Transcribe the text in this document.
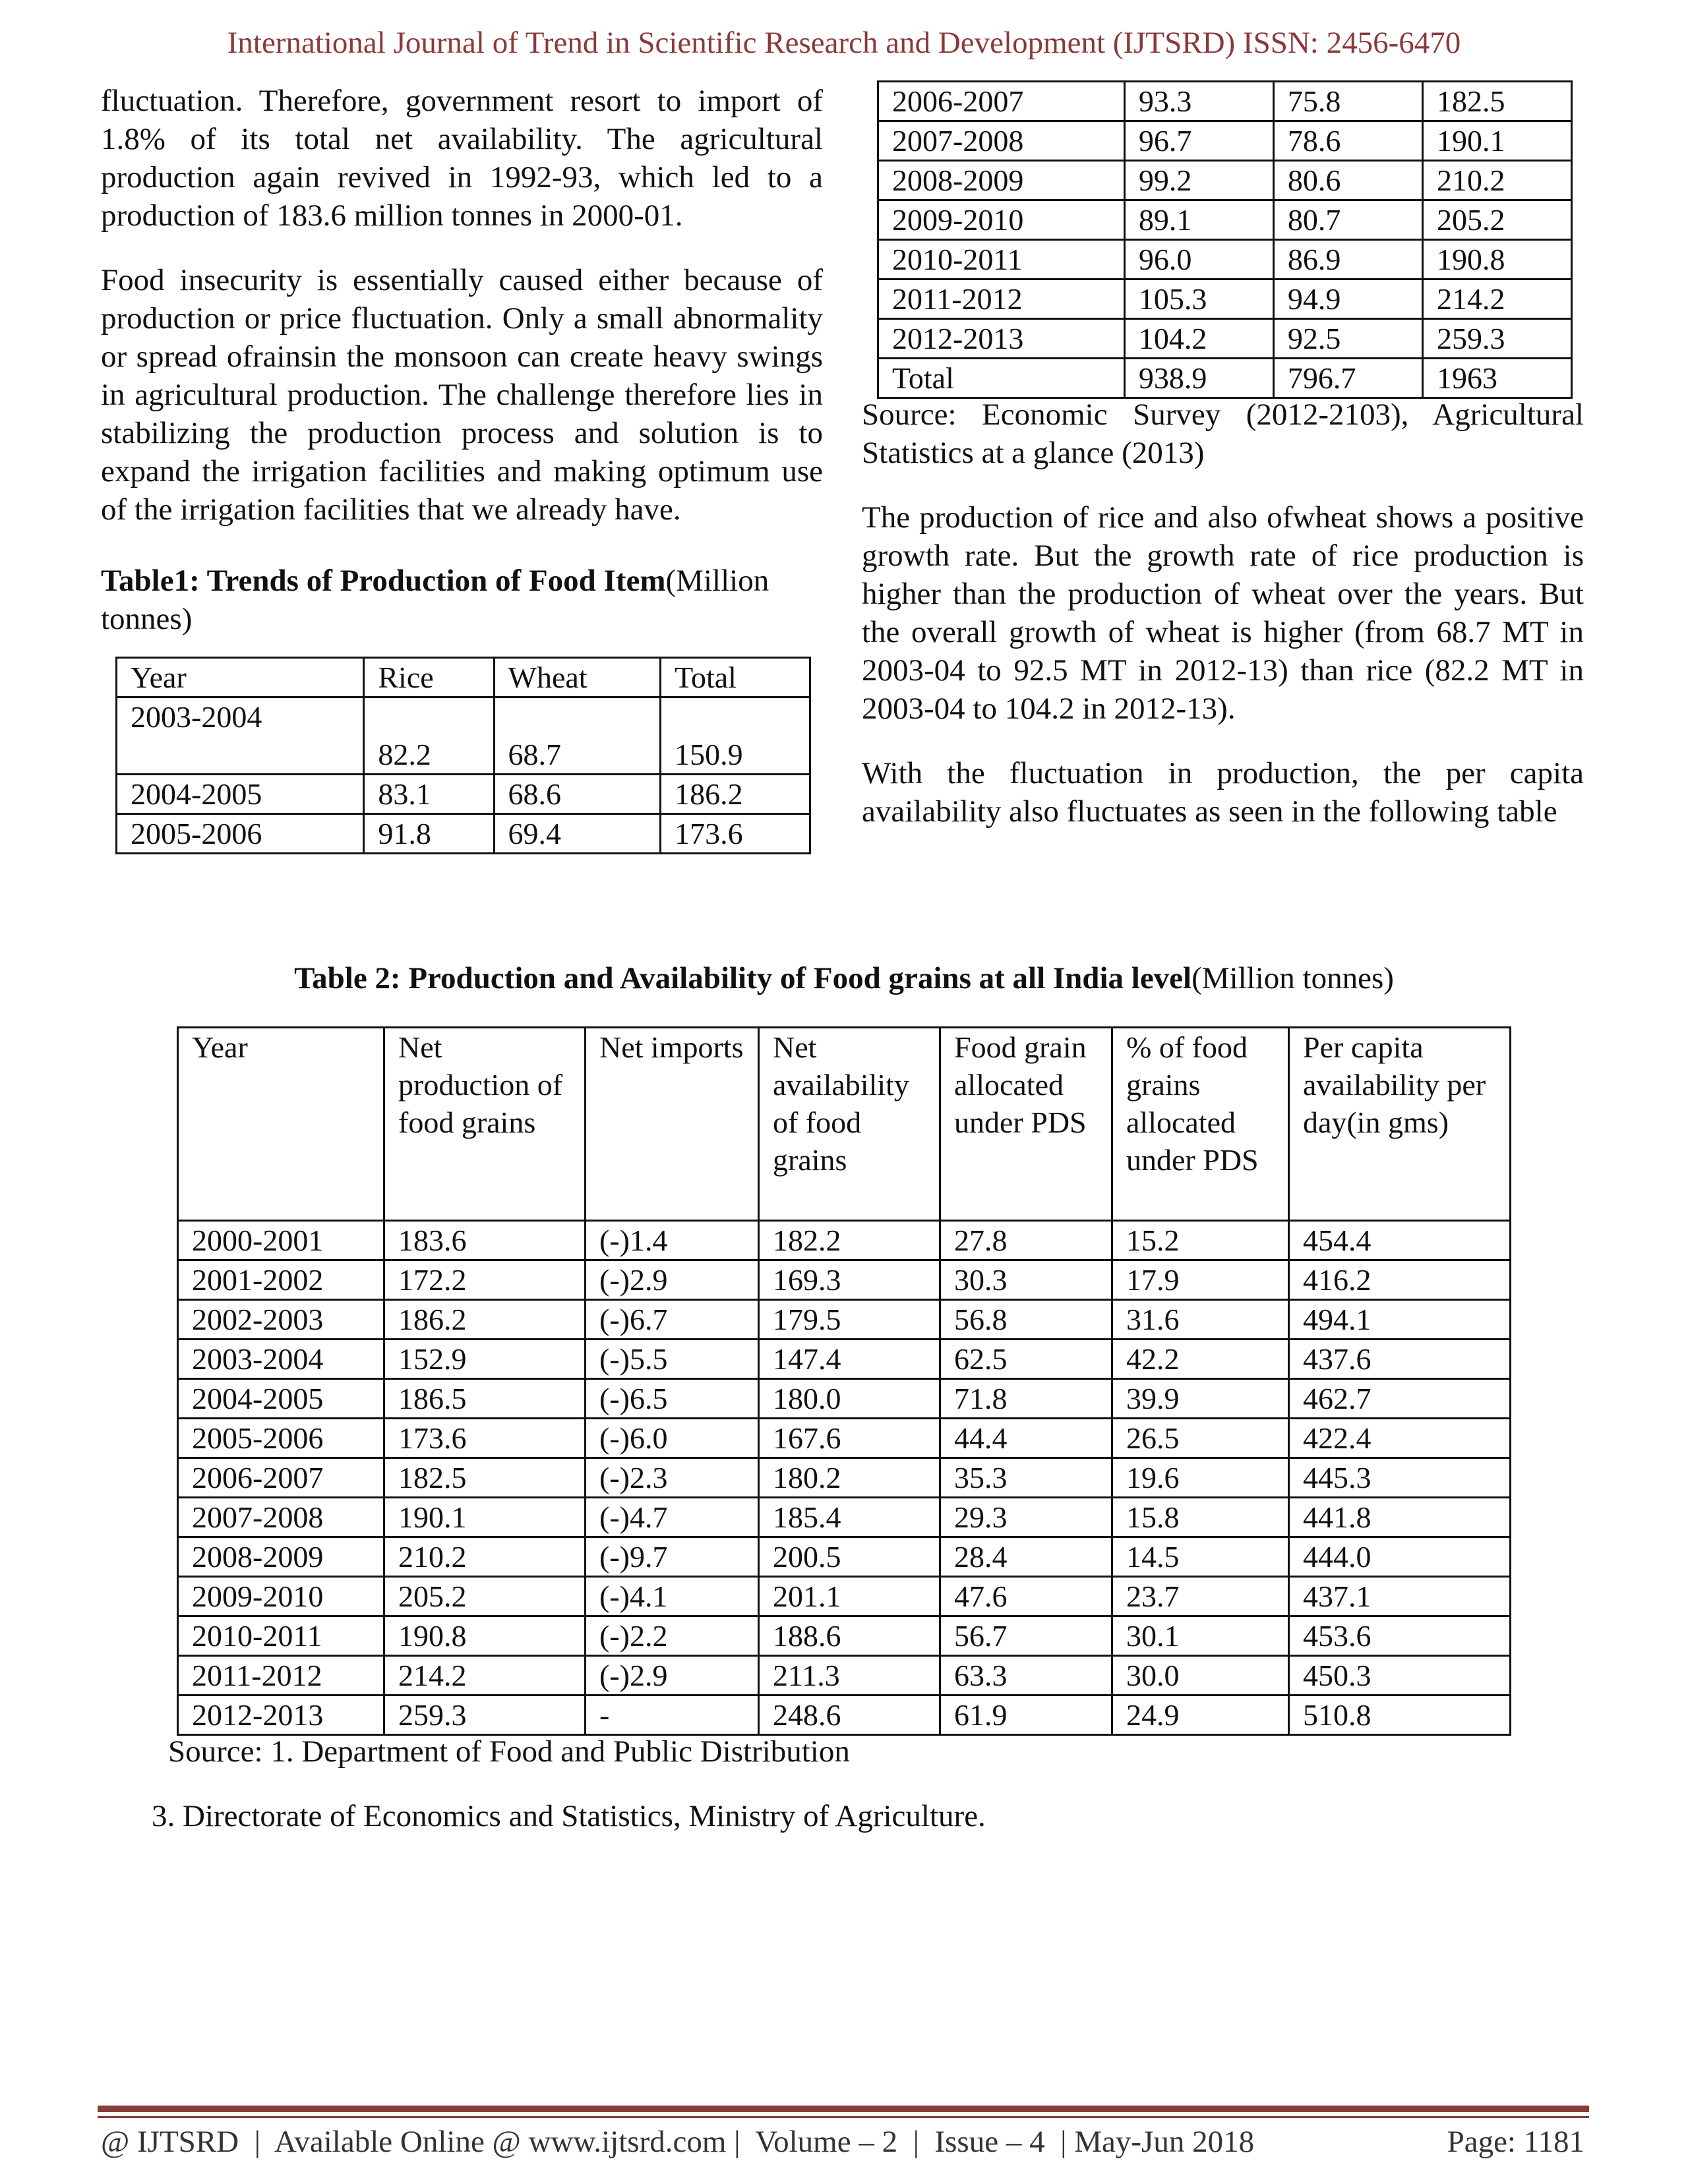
International Journal of Trend in Scientific Research and Development (IJTSRD) ISSN: 2456-6470

fluctuation. Therefore, government resort to import of 1.8% of its total net availability. The agricultural production again revived in 1992-93, which led to a production of 183.6 million tonnes in 2000-01.

Food insecurity is essentially caused either because of production or price fluctuation. Only a small abnormality or spread ofrainsin the monsoon can create heavy swings in agricultural production. The challenge therefore lies in stabilizing the production process and solution is to expand the irrigation facilities and making optimum use of the irrigation facilities that we already have.

Table1: Trends of Production of Food Item(Million tonnes)

Year	Rice	Wheat	Total
2003-2004	82.2	68.7	150.9

2004-2005	83.1	68.6	186.2
2005-2006	91.8	69.4	173.6
2006-2007	93.3	75.8	182.5
2007-2008	96.7	78.6	190.1
2008-2009	99.2	80.6	210.2
2009-2010	89.1	80.7	205.2
2010-2011	96.0	86.9	190.8
2011-2012	105.3	94.9	214.2
2012-2013	104.2	92.5	259.3
Total	938.9	796.7	1963

Source: Economic Survey (2012-2103), Agricultural Statistics at a glance (2013)

The production of rice and also ofwheat shows a positive growth rate. But the growth rate of rice production is higher than the production of wheat over the years. But the overall growth of wheat is higher (from 68.7 MT in 2003-04 to 92.5 MT in 2012-13) than rice (82.2 MT in 2003-04 to 104.2 in 2012-13).

With the fluctuation in production, the per capita availability also fluctuates as seen in the following table

Table 2: Production and Availability of Food grains at all India level(Million tonnes)
Year	Net production of food grains	Net imports	Net availability of food grains	Food grain allocated under PDS	% of food grains allocated under PDS	Per capita availability per day(in gms)
2000-2001	183.6	(-)1.4	182.2	27.8	15.2	454.4
2001-2002	172.2	(-)2.9	169.3	30.3	17.9	416.2
2002-2003	186.2	(-)6.7	179.5	56.8	31.6	494.1
2003-2004	152.9	(-)5.5	147.4	62.5	42.2	437.6
2004-2005	186.5	(-)6.5	180.0	71.8	39.9	462.7
2005-2006	173.6	(-)6.0	167.6	44.4	26.5	422.4
2006-2007	182.5	(-)2.3	180.2	35.3	19.6	445.3
2007-2008	190.1	(-)4.7	185.4	29.3	15.8	441.8
2008-2009	210.2	(-)9.7	200.5	28.4	14.5	444.0
2009-2010	205.2	(-)4.1	201.1	47.6	23.7	437.1
2010-2011	190.8	(-)2.2	188.6	56.7	30.1	453.6
2011-2012	214.2	(-)2.9	211.3	63.3	30.0	450.3
2012-2013	259.3	-	248.6	61.9	24.9	510.8
Source: 1. Department of Food and Public Distribution
3. Directorate of Economics and Statistics, Ministry of Agriculture.
@ IJTSRD  |  Available Online @ www.ijtsrd.com |  Volume – 2  |  Issue – 4  | May-Jun 2018	Page: 1181
